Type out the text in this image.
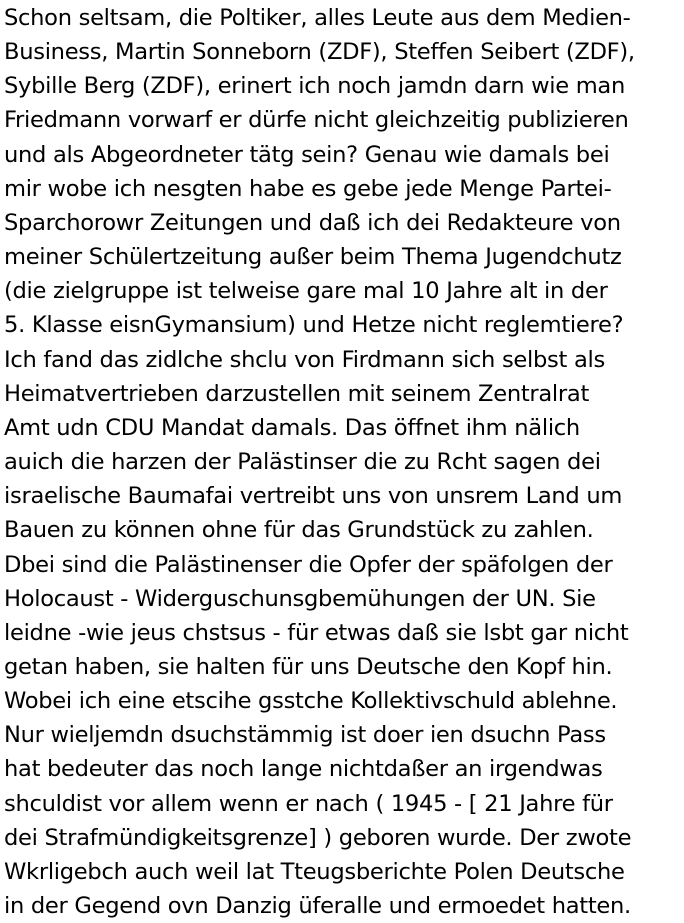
Schon seltsam, die Poltiker, alles Leute aus dem Medien-
Business, Martin Sonneborn (ZDF), Steffen Seibert (ZDF),
Sybille Berg (ZDF), erinert ich noch jamdn darn wie man
Friedmann vorwarf er dürfe nicht gleichzeitig publizieren
und als Abgeordneter tätg sein? Genau wie damals bei
mir wobe ich nesgten habe es gebe jede Menge Partei-
Sparchorowr Zeitungen und daß ich dei Redakteure von
meiner Schülertzeitung außer beim Thema Jugendchutz
(die zielgruppe ist telweise gare mal 10 Jahre alt in der
5. Klasse eisnGymansium) und Hetze nicht reglemtiere?
Ich fand das zidlche shclu von Firdmann sich selbst als
Heimatvertrieben darzustellen mit seinem Zentralrat
Amt udn CDU Mandat damals. Das öffnet ihm nälich
auich die harzen der Palästinser die zu Rcht sagen dei
israelische Baumafai vertreibt uns von unsrem Land um
Bauen zu können ohne für das Grundstück zu zahlen.
Dbei sind die Palästinenser die Opfer der späfolgen der
Holocaust - Widerguschunsgbemühungen der UN. Sie
leidne -wie jeus chstsus - für etwas daß sie lsbt gar nicht
getan haben, sie halten für uns Deutsche den Kopf hin.
Wobei ich eine etscihe gsstche Kollektivschuld ablehne.
Nur wieljemdn dsuchstämmig ist doer ien dsuchn Pass
hat bedeuter das noch lange nichtdaßer an irgendwas
shculdist vor allem wenn er nach ( 1945 - [ 21 Jahre für
dei Strafmündigkeitsgrenze] ) geboren wurde. Der zwote
Wkrligebch auch weil lat Tteugsberichte Polen Deutsche
in der Gegend ovn Danzig üferalle und ermoedet hatten.
